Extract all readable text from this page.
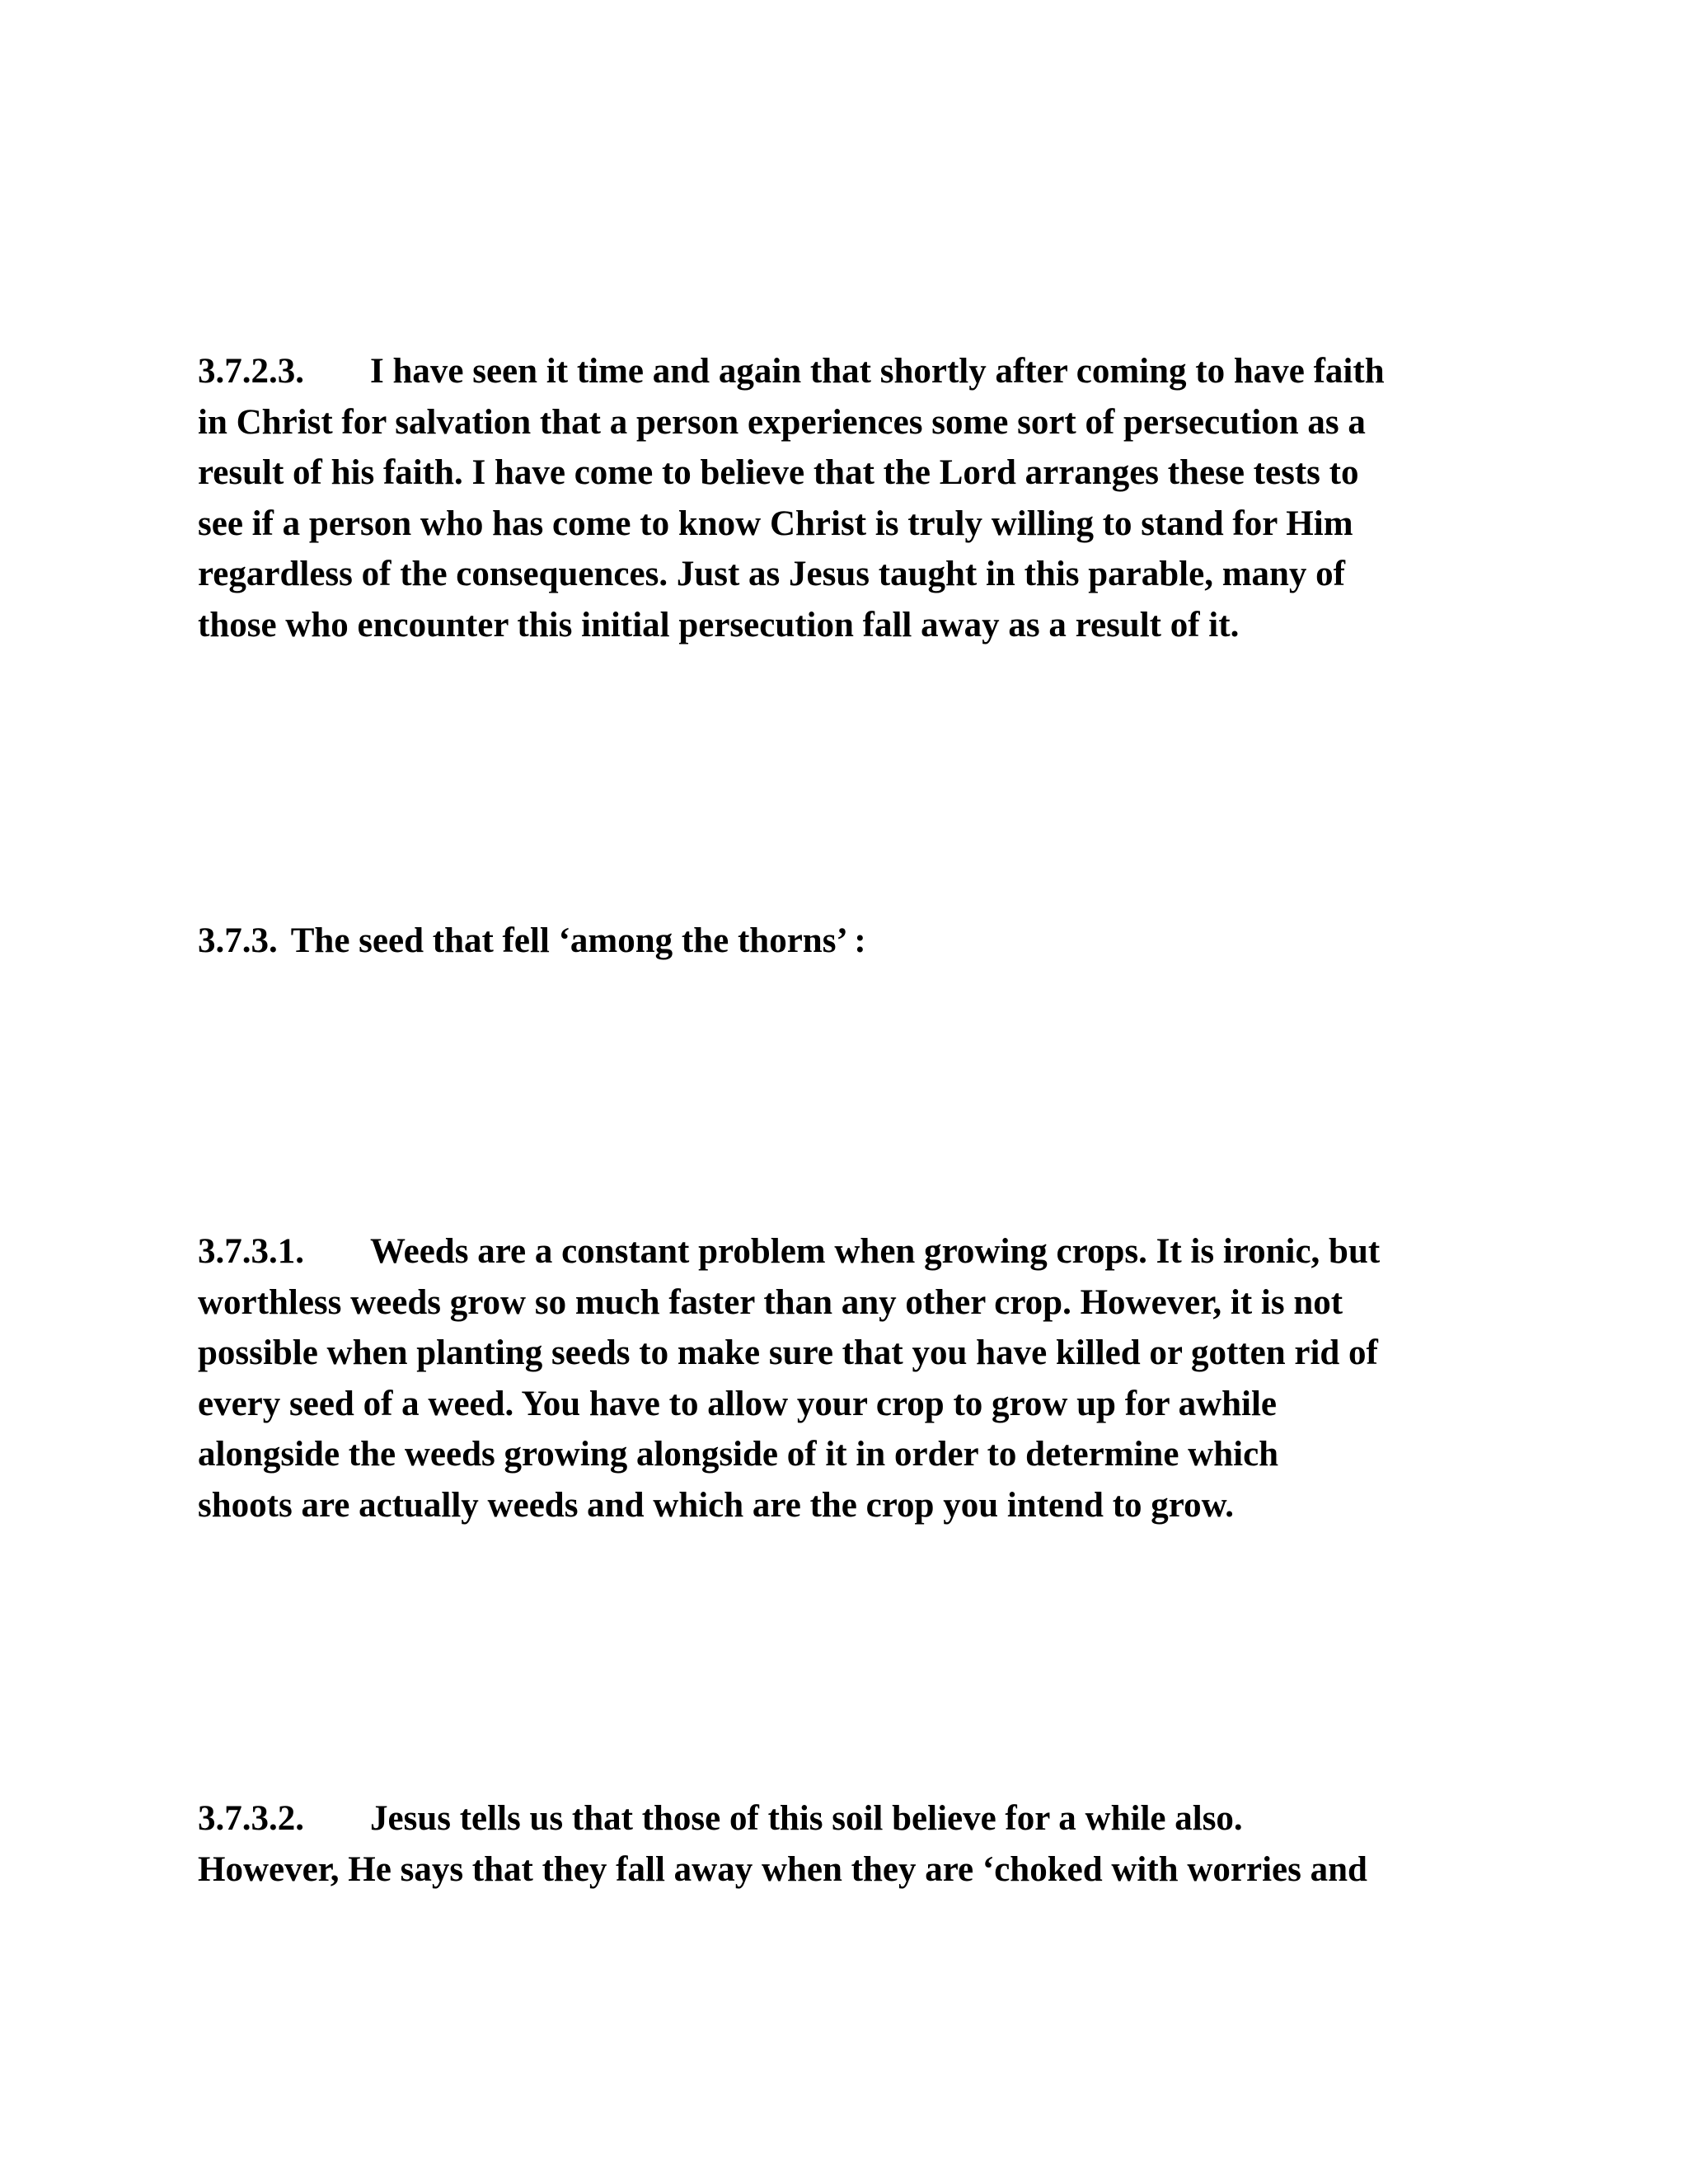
3.7.2.3. I have seen it time and again that shortly after coming to have faith
in Christ for salvation that a person experiences some sort of persecution as a
result of his faith. I have come to believe that the Lord arranges these tests to
see if a person who has come to know Christ is truly willing to stand for Him
regardless of the consequences. Just as Jesus taught in this parable, many of
those who encounter this initial persecution fall away as a result of it.
3.7.3. The seed that fell ‘among the thorns’ :
3.7.3.1. Weeds are a constant problem when growing crops. It is ironic, but
worthless weeds grow so much faster than any other crop. However, it is not
possible when planting seeds to make sure that you have killed or gotten rid of
every seed of a weed. You have to allow your crop to grow up for awhile
alongside the weeds growing alongside of it in order to determine which
shoots are actually weeds and which are the crop you intend to grow.
3.7.3.2. Jesus tells us that those of this soil believe for a while also.
However, He says that they fall away when they are ‘choked with worries and
